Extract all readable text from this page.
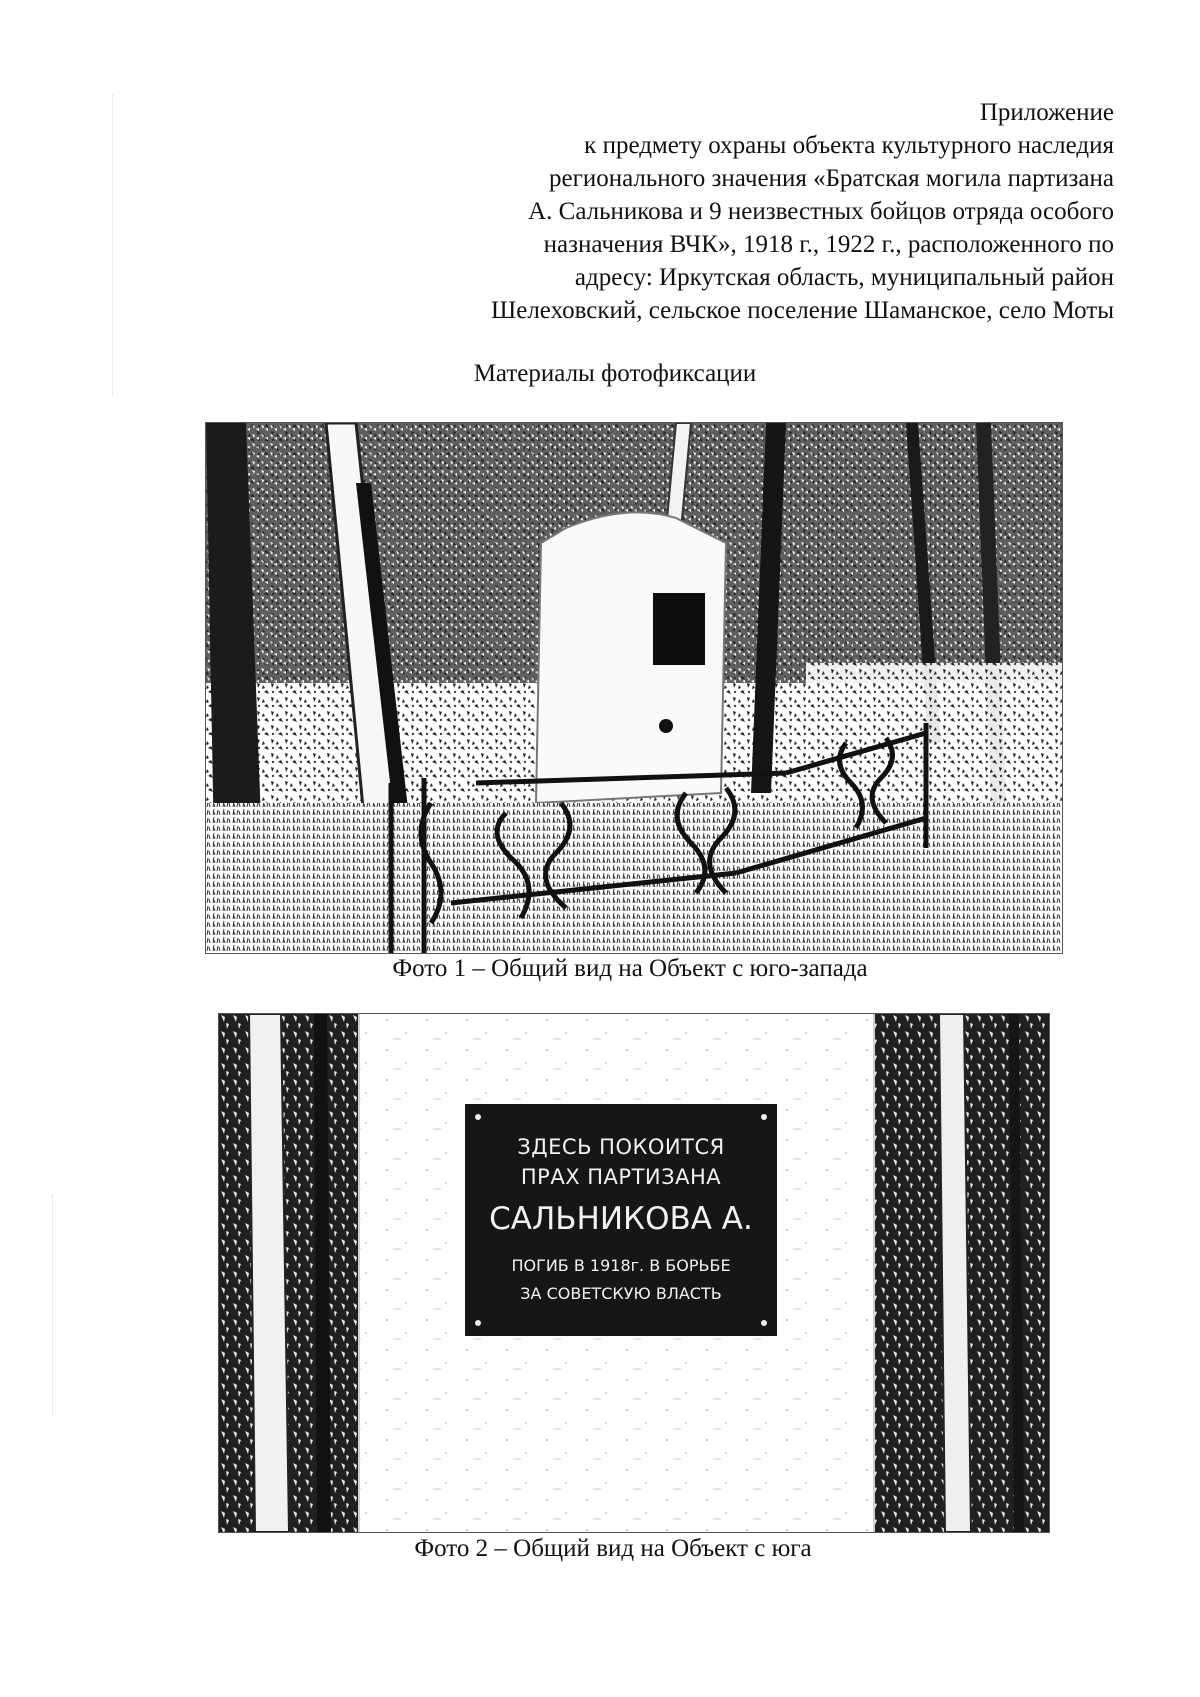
Приложение
к предмету охраны объекта культурного наследия
регионального значения «Братская могила партизана
А. Сальникова и 9 неизвестных бойцов отряда особого
назначения ВЧК», 1918 г., 1922 г., расположенного по
адресу: Иркутская область, муниципальный район
Шелеховский, сельское поселение Шаманское, село Моты
Материалы фотофиксации
Фото 1 – Общий вид на Объект с юго-запада
ЗДЕСЬ ПОКОИТСЯ
ПРАХ ПАРТИЗАНА
САЛЬНИКОВА А.
ПОГИБ В 1918г. В БОРЬБЕ
ЗА СОВЕТСКУЮ ВЛАСТЬ
Фото 2 – Общий вид на Объект с юга
